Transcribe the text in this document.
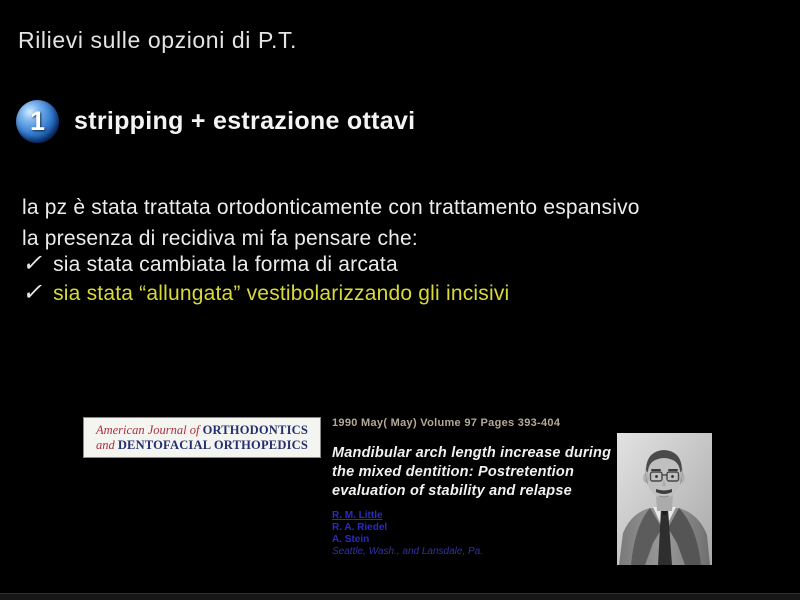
Rilievi sulle opzioni di P.T.
1	stripping + estrazione ottavi
la pz è stata trattata ortodonticamente con trattamento espansivo
la presenza di recidiva mi fa pensare che:
✓ sia stata cambiata la forma di arcata
✓ sia stata “allungata” vestibolarizzando gli incisivi
American Journal of ORTHODONTICS
and DENTOFACIAL ORTHOPEDICS
1990 May( May) Volume 97 Pages 393-404
Mandibular arch length increase during the mixed dentition: Postretention evaluation of stability and relapse
R. M. Little
R. A. Riedel
A. Stein
Seattle, Wash., and Lansdale, Pa.
